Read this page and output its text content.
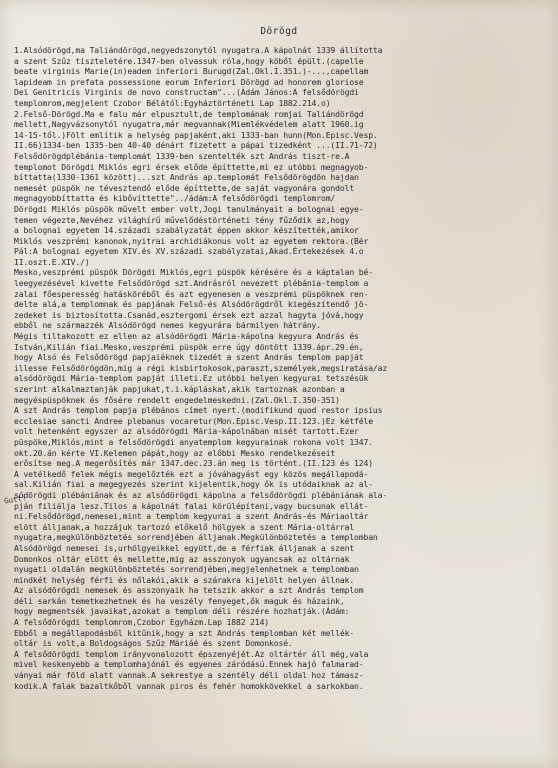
Dörögd
1.Alsódörögd,ma Taliándörögd,negyedszonytól nyugatra.A kápolnát 1339 állította
a szent Szűz tiszteletére.1347-ben olvassuk róla,hogy köből épült.(capelle
beate virginis Marie(in)eadem inferiori Burugd(Zal.Okl.I.351.)-...,capellam
lapideam in prefata possessione eorum Inferiori Dörögd ad honorem gloriose
Dei Genitricis Virginis de novo constructam"...(Ádám János:A felsődörögdi
templomrom,megjelent Czobor Bélától:Egyháztörténeti Lap 1882.214.o)
2.Felső-Dörögd.Ma e falu már elpusztult,de templomának romjai Taliándörögd
mellett,Nagyvázsonytól nyugatra,már megvannak(Miemlékvédelem alatt 1960.ig
14-15-től.)Fölt említik a helység papjaként,aki 1333-ban hunn(Mon.Episc.Vesp.
II.66)1334-ben 1335-ben 40-40 dénárt fizetett a pápai tizedként ...(II.71-72)
Felsődörögdplébánia-templomát 1339-ben szentelték szt András tiszt-re.A
templomot Dörögdi Miklós egri érsek előde építtette,mi ez utóbbi megnagyob-
bíttatta(1330-1361 között)...szt András ap.templomát Felsődörögdön hajdan
nemesét püspök ne tévesztendő előde építtette,de saját vagyonára gondolt
megnagyobbíttatta és kibővíttette"../ádám:A felsődörögdi templomrom/
Dörögdi Miklós püspök művelt ember volt,Jogi tanulmányait a bolognai egye-
temen végezte,Nevéhez világhírű művelődéstörténeti tény fűződik az,hogy
a bolognai egyetem 14.századi szabályzatát éppen akkor készítették,amikor
Miklós veszprémi kanonok,nyitrai archidiákonus volt az egyetem rektora.(Bér
Pál:A bolognai egyetem XIV.és XV.századi szabályzatai,Akad.Értekezések 4.o
II.oszt.E.XIV./)
Mesko,veszprémi püspök Dörögdi Miklós,egri püspök kérésére és a káptalan bé-
leegyezésével kivette Felsődörögd szt.Andrásról nevezett plébánia-templom a
zalai főesperesség hatásköréből és azt egyenesen a veszprémi püspöknek ren-
delte alá,a templomnak és papjának Felső-és Alsódörögdről kiegészítendő jö-
zedeket is biztosította.Csanád,esztergomi érsek ezt azzal hagyta jóvá,hogy
ebből ne származzék Alsódörögd nemes kegyurára bármilyen hátrány.
Mégis tiltakozott ez ellen az alsódörögdi Mária-kápolna kegyura András és
István,Kilián fiai.Mesko,veszprémi püspök erre úgy döntött 1339.ápr.29.én,
hogy Alsó és Felsődörögd papjaiéknek tizedét a szent András templom papját
illesse Felsődörögdön,mig a régi kisbirtokosok,paraszt,személyek,megsiratása/az
alsódörögdi Mária-templom papját illeti.Ez utóbbi helyen kegyurai tetszésük
szerint alkalmaztanják papjukat,t.i.kápláskat,akik tartoznak azonban a
megyéspüspöknek és fősére rendelt engedelmeskedni.(Zal.Okl.I.350-351)
A szt András templom papja plébános címet nyert.(modifikund quod restor ipsius
ecclesiae sancti Andree plebanus vocaretur(Mon.Episc.Vesp.II.123.)Ez kétféle
volt hetenként egyszer az alsódörögdi Mária-kápolnában misét tartott.Ezer
püspöke,Miklós,mint a felsődörögdi anyatemplom kegyurainak rokona volt 1347.
okt.20.án kérte VI.Kelemen pápát,hogy az előbbi Mesko rendelkezéseit
erősítse meg.A megerősítés már 1347.dec.23.án meg is történt.(II.123 és 124)
A vetélkedő felek mégis megelőzték ezt a jóváhagyást egy közös megállapodá-
sal.Kilián fiai a megegyezés szerint kijelentik,hogy ők is utódaiknak az al-
sódörögdi plébániának és az alsódörögdi kápolna a felsődörögdi plébániának ala-
pján filiálja lesz.Tilos a kápolnát falai körülépíteni,vagy bucsunak ellát-
ni.Felsődörögd,nemesei,mint a templom kegyurai a szent András-és Máriaoltár
elött álljanak,a hozzájuk tartozó előkelő hölgyek a szent Mária-oltárral
nyugatra,megkülönböztetés sorrendjében álljanak.Megkülönböztetés a templomban
Alsódörögd nemesei is,urhölgyeikkel együtt,de a férfiak álljanak a szent
Domonkos oltár elött és mellette,mig az asszonyok ugyancsak az oltárnak
nyugati oldalán megkülönböztetés sorrendjében,megjelenhetnek a templomban
mindkét helység férfi és nőlakói,akik a szárakra kijelölt helyen állnak.
Az alsódörögdi nemesek és asszonyaik ha tetszik akkor a szt András templom
déli sarkán temetkezhetnek és ha veszély fenyeget,ők maguk és házaink,
hogy megmentsék javaikat,azokat a templom déli részére hozhatják.(Ádám:
A felsődörögdi templomrom,Czobor Egyházm.Lap 1882 214)
Ebből a megállapodásból kitűnik,hogy a szt András templomban két mellék-
oltár is volt,a Boldogságos Szűz Máriáé és szent Domonkosé.
A felsődörögdi templom irányvonalozott épszenyéjét.Az oltártér áll még,vala
mivel keskenyebb a templomhajónál és egyenes záródású.Ennek hajó falmarad-
ványai már föld alatt vannak.A sekrestye a szentély déli oldal hoz támasz-
kodik.A falak bazaltkőből vannak piros és fehér homokkövekkel a sarkokban.
Gutt!
